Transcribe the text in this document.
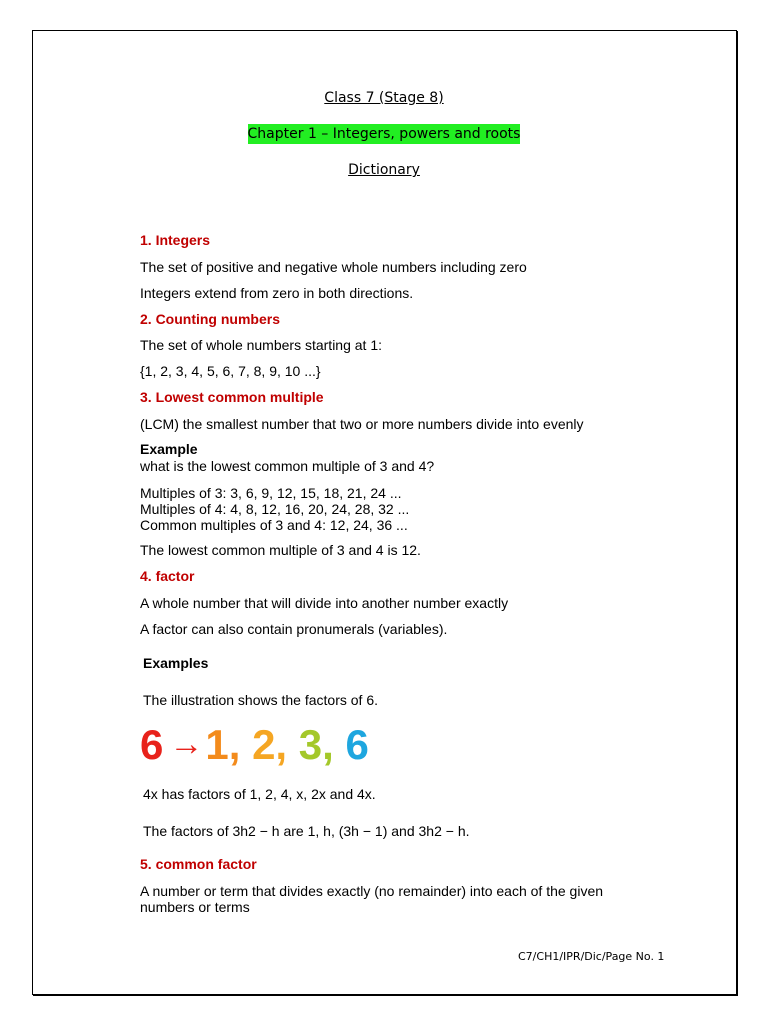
Class 7 (Stage 8)
Chapter 1 – Integers, powers and roots
Dictionary
1. Integers
The set of positive and negative whole numbers including zero
Integers extend from zero in both directions.
2. Counting numbers
The set of whole numbers starting at 1:
{1, 2, 3, 4, 5, 6, 7, 8, 9, 10 ...}
3. Lowest common multiple
(LCM) the smallest number that two or more numbers divide into evenly
Example
what is the lowest common multiple of 3 and 4?
Multiples of 3: 3, 6, 9, 12, 15, 18, 21, 24 ...
Multiples of 4: 4, 8, 12, 16, 20, 24, 28, 32 ...
Common multiples of 3 and 4: 12, 24, 36 ...
The lowest common multiple of 3 and 4 is 12.
4. factor
A whole number that will divide into another number exactly
A factor can also contain pronumerals (variables).
Examples
The illustration shows the factors of 6.
6 →1, 2, 3, 6
4x has factors of 1, 2, 4, x, 2x and 4x.
The factors of 3h2 − h are 1, h, (3h − 1) and 3h2 − h.
5. common factor
A number or term that divides exactly (no remainder) into each of the given
numbers or terms
C7/CH1/IPR/Dic/Page No. 1
